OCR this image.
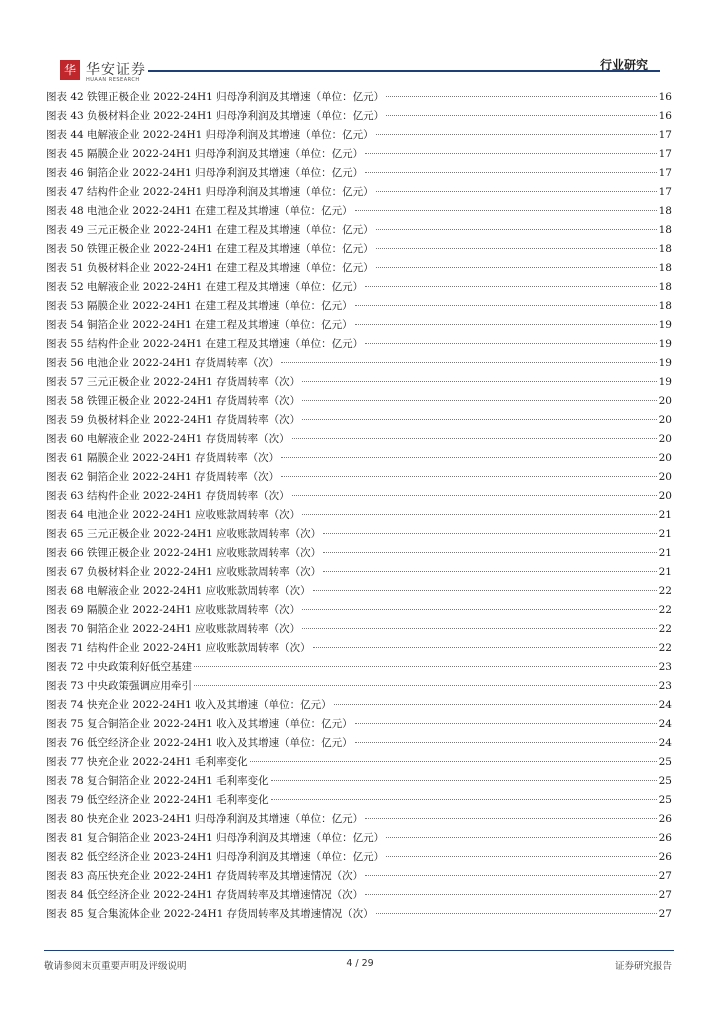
华 华安证券
HUAAN RESEARCH
行业研究
图表 42 铁锂正极企业 2022-24H1 归母净利润及其增速（单位：亿元）	16
图表 43 负极材料企业 2022-24H1 归母净利润及其增速（单位：亿元）	16
图表 44 电解液企业 2022-24H1 归母净利润及其增速（单位：亿元）	17
图表 45 隔膜企业 2022-24H1 归母净利润及其增速（单位：亿元）	17
图表 46 铜箔企业 2022-24H1 归母净利润及其增速（单位：亿元）	17
图表 47 结构件企业 2022-24H1 归母净利润及其增速（单位：亿元）	17
图表 48 电池企业 2022-24H1 在建工程及其增速（单位：亿元）	18
图表 49 三元正极企业 2022-24H1 在建工程及其增速（单位：亿元）	18
图表 50 铁锂正极企业 2022-24H1 在建工程及其增速（单位：亿元）	18
图表 51 负极材料企业 2022-24H1 在建工程及其增速（单位：亿元）	18
图表 52 电解液企业 2022-24H1 在建工程及其增速（单位：亿元）	18
图表 53 隔膜企业 2022-24H1 在建工程及其增速（单位：亿元）	18
图表 54 铜箔企业 2022-24H1 在建工程及其增速（单位：亿元）	19
图表 55 结构件企业 2022-24H1 在建工程及其增速（单位：亿元）	19
图表 56 电池企业 2022-24H1 存货周转率（次）	19
图表 57 三元正极企业 2022-24H1 存货周转率（次）	19
图表 58 铁锂正极企业 2022-24H1 存货周转率（次）	20
图表 59 负极材料企业 2022-24H1 存货周转率（次）	20
图表 60 电解液企业 2022-24H1 存货周转率（次）	20
图表 61 隔膜企业 2022-24H1 存货周转率（次）	20
图表 62 铜箔企业 2022-24H1 存货周转率（次）	20
图表 63 结构件企业 2022-24H1 存货周转率（次）	20
图表 64 电池企业 2022-24H1 应收账款周转率（次）	21
图表 65 三元正极企业 2022-24H1 应收账款周转率（次）	21
图表 66 铁锂正极企业 2022-24H1 应收账款周转率（次）	21
图表 67 负极材料企业 2022-24H1 应收账款周转率（次）	21
图表 68 电解液企业 2022-24H1 应收账款周转率（次）	22
图表 69 隔膜企业 2022-24H1 应收账款周转率（次）	22
图表 70 铜箔企业 2022-24H1 应收账款周转率（次）	22
图表 71 结构件企业 2022-24H1 应收账款周转率（次）	22
图表 72 中央政策利好低空基建	23
图表 73 中央政策强调应用牵引	23
图表 74 快充企业 2022-24H1 收入及其增速（单位：亿元）	24
图表 75 复合铜箔企业 2022-24H1 收入及其增速（单位：亿元）	24
图表 76 低空经济企业 2022-24H1 收入及其增速（单位：亿元）	24
图表 77 快充企业 2022-24H1 毛利率变化	25
图表 78 复合铜箔企业 2022-24H1 毛利率变化	25
图表 79 低空经济企业 2022-24H1 毛利率变化	25
图表 80 快充企业 2023-24H1 归母净利润及其增速（单位：亿元）	26
图表 81 复合铜箔企业 2023-24H1 归母净利润及其增速（单位：亿元）	26
图表 82 低空经济企业 2023-24H1 归母净利润及其增速（单位：亿元）	26
图表 83 高压快充企业 2022-24H1 存货周转率及其增速情况（次）	27
图表 84 低空经济企业 2022-24H1 存货周转率及其增速情况（次）	27
图表 85 复合集流体企业 2022-24H1 存货周转率及其增速情况（次）	27
敬请参阅末页重要声明及评级说明	4 / 29	证券研究报告
